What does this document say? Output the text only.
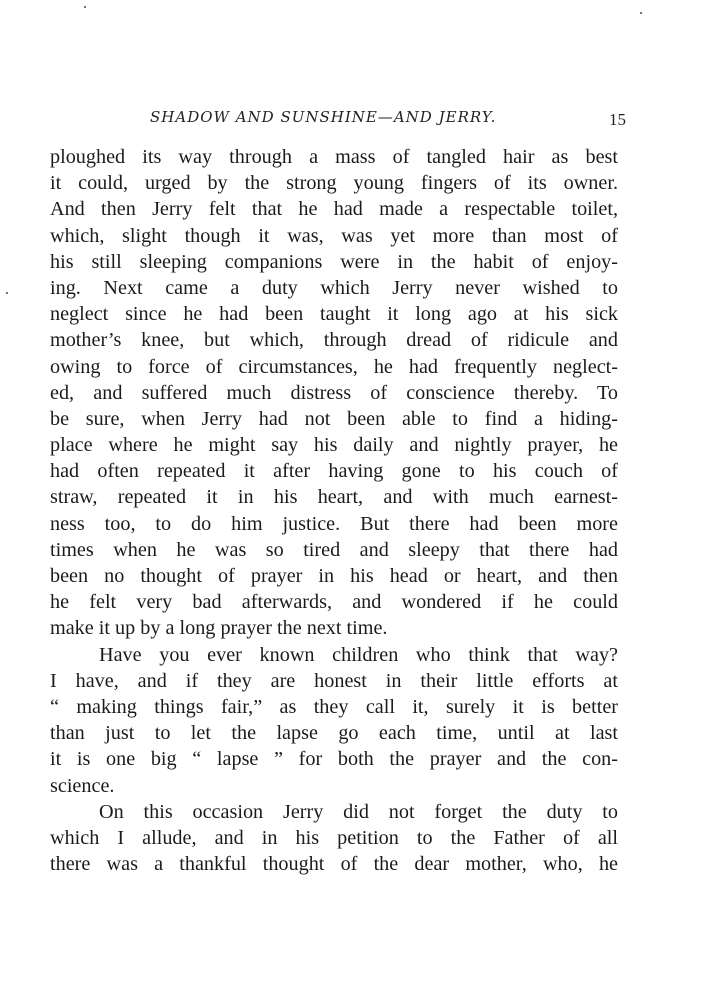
SHADOW AND SUNSHINE—AND JERRY.	15
ploughed its way through a mass of tangled hair as best
it could, urged by the strong young fingers of its owner.
And then Jerry felt that he had made a respectable toilet,
which, slight though it was, was yet more than most of
his still sleeping companions were in the habit of enjoy-
ing. Next came a duty which Jerry never wished to
neglect since he had been taught it long ago at his sick
mother’s knee, but which, through dread of ridicule and
owing to force of circumstances, he had frequently neglect-
ed, and suffered much distress of conscience thereby. To
be sure, when Jerry had not been able to find a hiding-
place where he might say his daily and nightly prayer, he
had often repeated it after having gone to his couch of
straw, repeated it in his heart, and with much earnest-
ness too, to do him justice. But there had been more
times when he was so tired and sleepy that there had
been no thought of prayer in his head or heart, and then
he felt very bad afterwards, and wondered if he could
make it up by a long prayer the next time.
Have you ever known children who think that way?
I have, and if they are honest in their little efforts at
“ making things fair,” as they call it, surely it is better
than just to let the lapse go each time, until at last
it is one big “ lapse ” for both the prayer and the con-
science.
On this occasion Jerry did not forget the duty to
which I allude, and in his petition to the Father of all
there was a thankful thought of the dear mother, who, he
